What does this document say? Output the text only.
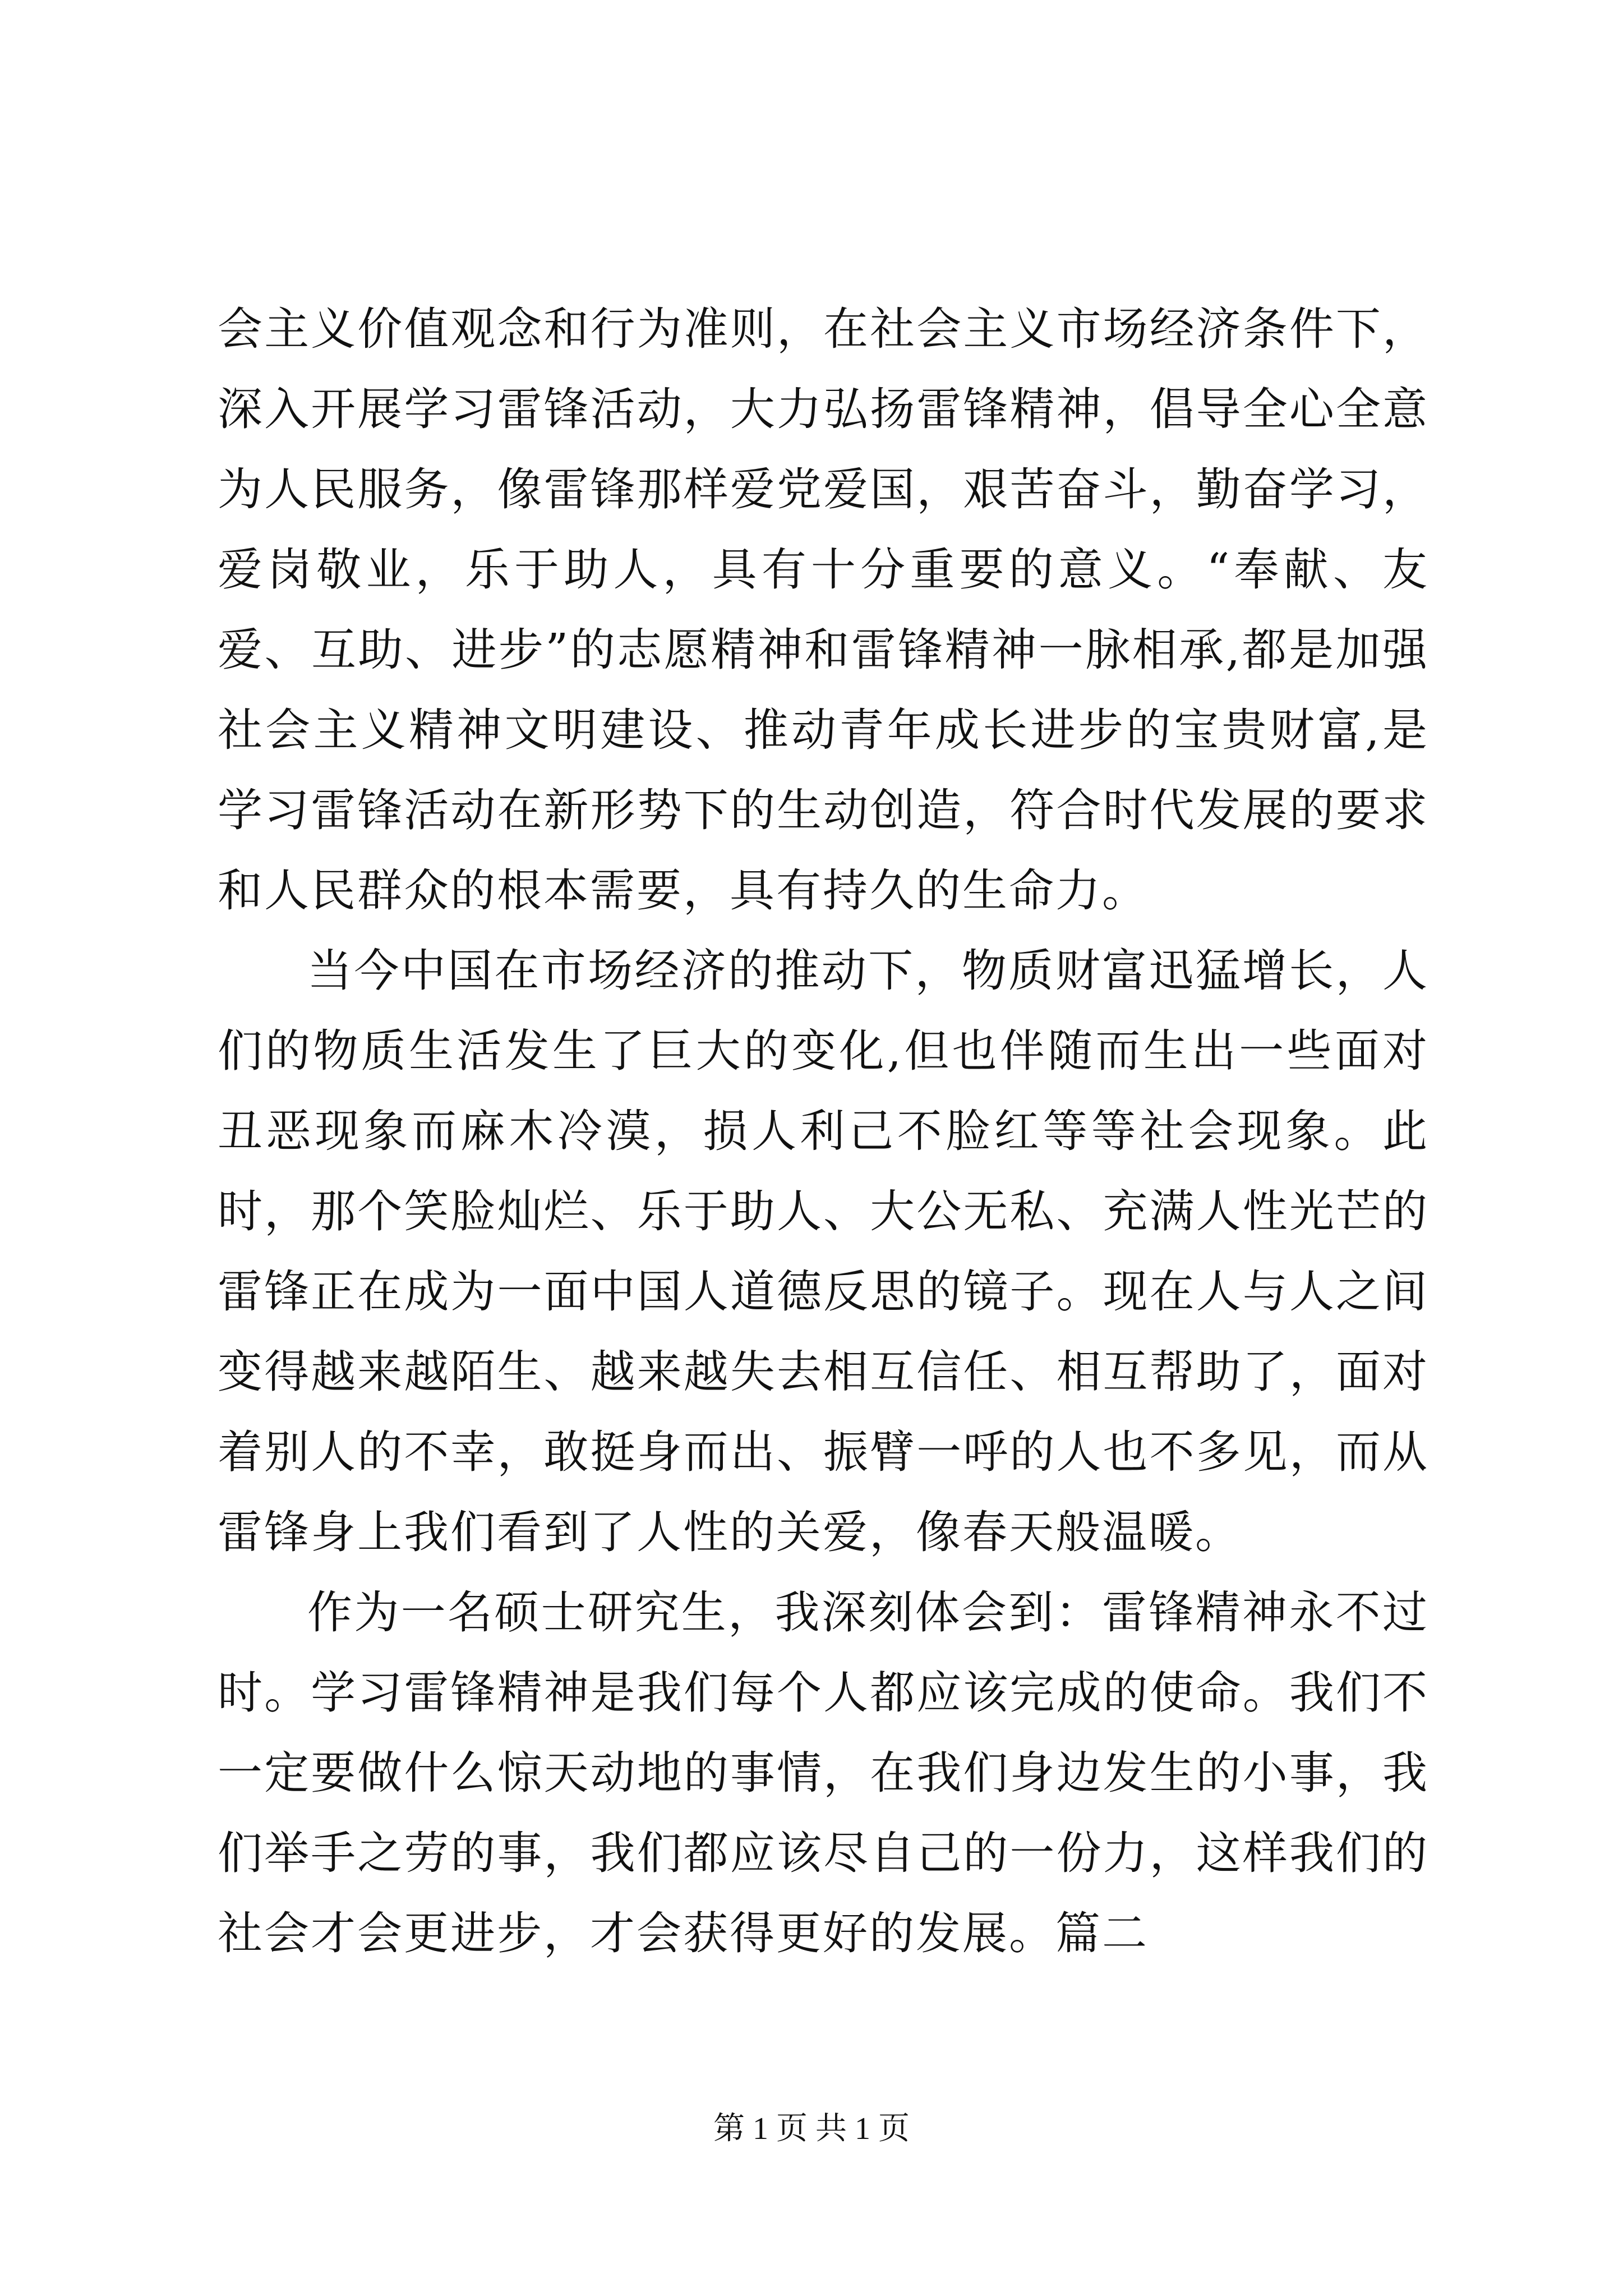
会主义价值观念和行为准则，在社会主义市场经济条件下，深入开展学习雷锋活动，大力弘扬雷锋精神，倡导全心全意为人民服务，像雷锋那样爱党爱国，艰苦奋斗，勤奋学习，爱岗敬业，乐于助人，具有十分重要的意义。“奉献、友爱、互助、进步”的志愿精神和雷锋精神一脉相承,都是加强社会主义精神文明建设、推动青年成长进步的宝贵财富,是学习雷锋活动在新形势下的生动创造，符合时代发展的要求和人民群众的根本需要，具有持久的生命力。

当今中国在市场经济的推动下，物质财富迅猛增长，人们的物质生活发生了巨大的变化,但也伴随而生出一些面对丑恶现象而麻木冷漠，损人利己不脸红等等社会现象。此时，那个笑脸灿烂、乐于助人、大公无私、充满人性光芒的雷锋正在成为一面中国人道德反思的镜子。现在人与人之间变得越来越陌生、越来越失去相互信任、相互帮助了，面对着别人的不幸，敢挺身而出、振臂一呼的人也不多见，而从雷锋身上我们看到了人性的关爱，像春天般温暖。

作为一名硕士研究生，我深刻体会到：雷锋精神永不过时。学习雷锋精神是我们每个人都应该完成的使命。我们不一定要做什么惊天动地的事情，在我们身边发生的小事，我们举手之劳的事，我们都应该尽自己的一份力，这样我们的社会才会更进步，才会获得更好的发展。篇二

第 1 页 共 1 页
